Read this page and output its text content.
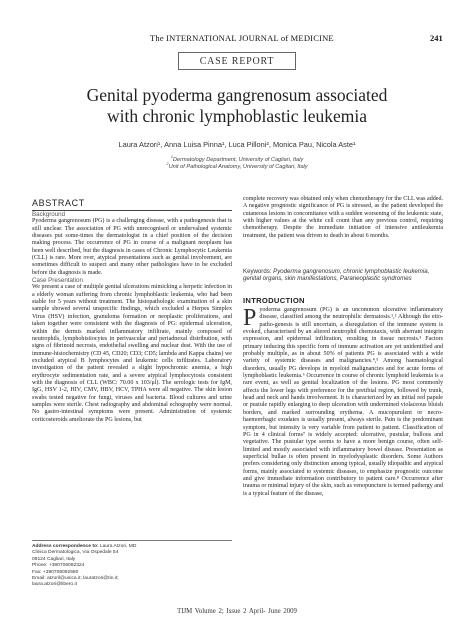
The INTERNATIONAL JOURNAL of MEDICINE	241
CASE REPORT
Genital pyoderma gangrenosum associated
with chronic lymphoblastic leukemia
Laura Atzori¹, Anna Luisa Pinna¹, Luca Pilloni², Monica Pau, Nicola Aste¹
$^1$Dermatology Department, University of Cagliari, Italy
$^2$Unit of Pathological Anatomy, University of Cagliari, Italy
ABSTRACT

Background

Pyoderma gangrenosum (PG) is a challenging disease, with a pathogenesis that is still unclear. The association of PG with unrecognised or undervalued systemic diseases put some-times the dermatologist in a chief position of the decision making process. The occurrence of PG in course of a malignant neoplasm has been well described, but the diagnosis in cases of Chronic Lymphocytic Leukemia (CLL) is rare. More over, atypical presentations such as genital involvement, are sometimes difficult to suspect and many other pathologies have to be excluded before the diagnosis is made.

Case Presentation

We present a case of multiple genital ulcerations mimicking a herpetic infection in a elderly woman suffering from chronic lymphoblastic leukemia, who had been stable for 5 years without treatment. The histopathologic examination of a skin sample showed several unspecific findings, which excluded a Herpes Simplex Virus (HSV) infection, granuloma formation or neoplastic proliferations, and taken together were consistent with the diagnosis of PG: epidermal ulceration, within the dermis marked inflammatory infiltrate, mainly composed of neutrophils, lymphohistiocytes in perivascular and periadnexal distribution, with signs of fibrinoid necrosis, endothelial swelling and nuclear dust. With the use of immune-histochemistry (CD 45, CD20; CD3; CD5; lambda and Kappa chains) we excluded atypical B lymphocytes and leukemic cells infiltrates. Laboratory investigation of the patient revealed a slight hypochromic anemia, a high erythrocyte sedimentation rate, and a severe atypical lymphocytosis consistent with the diagnosis of CLL (WBC: 70.00 x 103/μl). The serologic tests for IgM, IgG, HSV 1-2, HIV, CMV, HBV, HCV, TPHA were all negative. The skin lesion swabs tested negative for fungi, viruses and bacteria. Blood cultures and urine samples were sterile. Chest radiography and abdominal echography were normal. No gastro-intestinal symptoms were present. Administration of systemic corticosteroids ameliorate the PG lesions, but

Address correspondence to: Laura Atzori, MD
Clinica Dermatologica, Via Ospedale 54
09124 Cagliari, Italy
Phone: +390706092324
Fax: +390706092580
Email: atzoril@unica.it; lauratzori@tin.it;
laura.atzori@libero.it

complete recovery was obtained only when chemotherapy for the CLL was added. A negative prognostic significance of PG is stressed, as the patient developed the cutaneous lesions in concomitance with a sudden worsening of the leukemic state, with higher values at the white cell count than any previous control, requiring chemotherapy. Despite the immediate initiation of intensive antileukemia treatment, the patient was driven to death in about 6 months.

Keywords: Pyoderma gangrenosum, chronic lymphoblastic leukemia, genital organs, skin manifestations, Paraneoplastic syndromes
INTRODUCTION

Pyoderma gangrenosum (PG) is an uncommon ulcerative inflammatory disease, classified among the neutrophilic dermatosis.¹,² Although the etio-patho-genesis is still uncertain, a disregulation of the immune system is evoked, characterised by an altered neutrophil chemotaxis, with aberrant integrin expression, and epidermal infiltration, resulting in tissue necrosis.³ Factors primary inducing this specific form of immune activation are yet unidentified and probably multiple, as in about 50% of patients PG is associated with a wide variety of systemic diseases and malignancies.⁴,⁵ Among haematological disorders, usually PG develops in myeloid malignancies and for acute forms of lymphoblastic leukemia.⁶ Occurrence in course of chronic lymphoid leukemia is a rare event, as well as genital localization of the lesions. PG most commonly affects the lower legs with preference for the pretibial region, followed by trunk, head and neck and hands involvement. It is characterized by an initial red papule or pustule rapidly enlarging to deep ulceration with undermined violaceous bluish borders, and marked surrounding erythema. A mucopurulent or necro-haemorrhagic exudates is usually present, always sterile. Pain is the predominant symptom, but intensity is very variable from patient to patient. Classification of PG in 4 clinical forms⁷ is widely accepted: ulcerative, pustular, bullous and vegetative. The pustular type seems to have a more benign course, often self-limited and mostly associated with inflammatory bowel disease. Presentation as superficial bullae is often present in myelodysplastic disorders. Some Authors prefers considering only distinction among typical, usually idiopathic and atypical forms, mainly associated to systemic diseases, to emphasize prognostic outcome and give immediate information contributory to patient care.⁸ Occurrence after trauma or minimal injury of the skin, such as venopuncture is termed pathergy and is a typical feature of the disease,

TIJM Volume 2; Issue 2 April- June 2009
